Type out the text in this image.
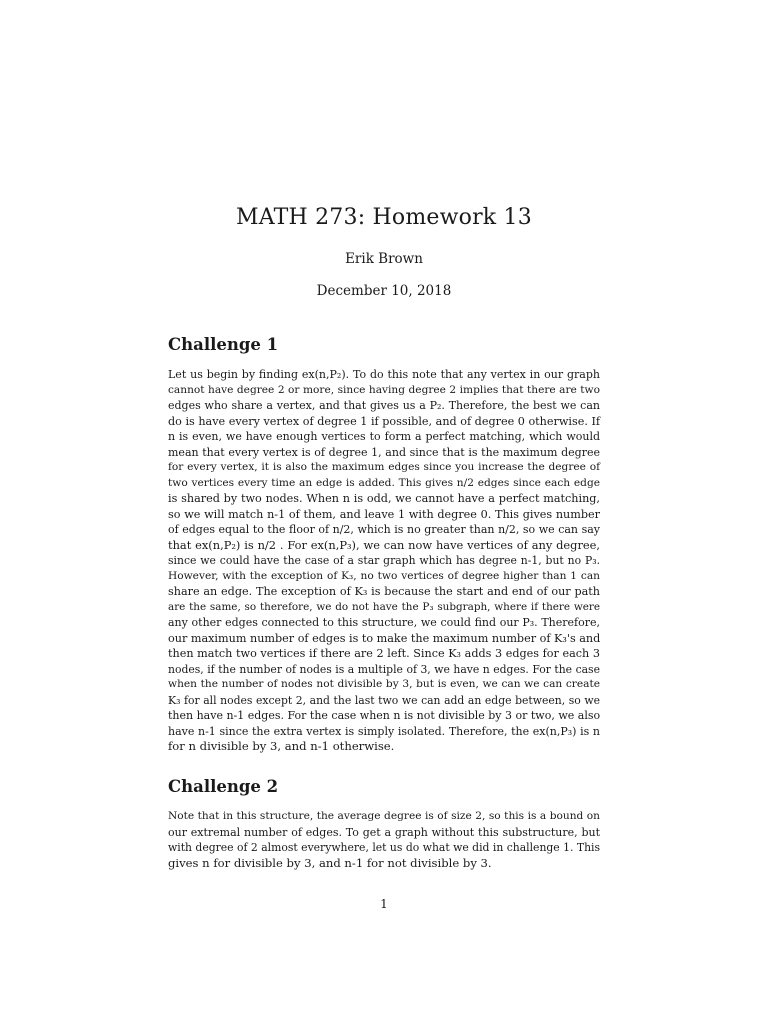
MATH 273: Homework 13
Erik Brown
December 10, 2018
Challenge 1
Let us begin by finding ex(n,P₂). To do this note that any vertex in our graph
cannot have degree 2 or more, since having degree 2 implies that there are two
edges who share a vertex, and that gives us a P₂. Therefore, the best we can
do is have every vertex of degree 1 if possible, and of degree 0 otherwise. If
n is even, we have enough vertices to form a perfect matching, which would
mean that every vertex is of degree 1, and since that is the maximum degree
for every vertex, it is also the maximum edges since you increase the degree of
two vertices every time an edge is added. This gives n/2 edges since each edge
is shared by two nodes. When n is odd, we cannot have a perfect matching,
so we will match n-1 of them, and leave 1 with degree 0. This gives number
of edges equal to the floor of n/2, which is no greater than n/2, so we can say
that ex(n,P₂) is n/2 . For ex(n,P₃), we can now have vertices of any degree,
since we could have the case of a star graph which has degree n-1, but no P₃.
However, with the exception of K₃, no two vertices of degree higher than 1 can
share an edge. The exception of K₃ is because the start and end of our path
are the same, so therefore, we do not have the P₃ subgraph, where if there were
any other edges connected to this structure, we could find our P₃. Therefore,
our maximum number of edges is to make the maximum number of K₃'s and
then match two vertices if there are 2 left. Since K₃ adds 3 edges for each 3
nodes, if the number of nodes is a multiple of 3, we have n edges. For the case
when the number of nodes not divisible by 3, but is even, we can we can create
K₃ for all nodes except 2, and the last two we can add an edge between, so we
then have n-1 edges. For the case when n is not divisible by 3 or two, we also
have n-1 since the extra vertex is simply isolated. Therefore, the ex(n,P₃) is n
for n divisible by 3, and n-1 otherwise.
Challenge 2
Note that in this structure, the average degree is of size 2, so this is a bound on
our extremal number of edges. To get a graph without this substructure, but
with degree of 2 almost everywhere, let us do what we did in challenge 1. This
gives n for divisible by 3, and n-1 for not divisible by 3.
1
